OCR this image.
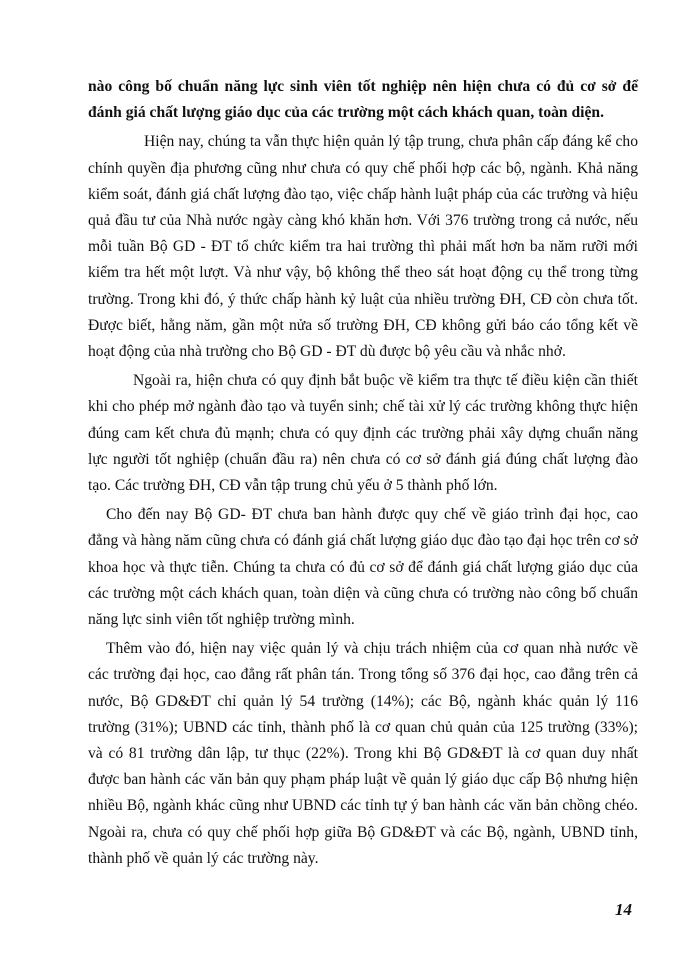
nào công bố chuẩn năng lực sinh viên tốt nghiệp nên hiện chưa có đủ cơ sở để đánh giá chất lượng giáo dục của các trường một cách khách quan, toàn diện.

Hiện nay, chúng ta vẫn thực hiện quản lý tập trung, chưa phân cấp đáng kể cho chính quyền địa phương cũng như chưa có quy chế phối hợp các bộ, ngành. Khả năng kiểm soát, đánh giá chất lượng đào tạo, việc chấp hành luật pháp của các trường và hiệu quả đầu tư của Nhà nước ngày càng khó khăn hơn. Với 376 trường trong cả nước, nếu mỗi tuần Bộ GD - ĐT tổ chức kiểm tra hai trường thì phải mất hơn ba năm rưỡi mới kiểm tra hết một lượt. Và như vậy, bộ không thể theo sát hoạt động cụ thể trong từng trường. Trong khi đó, ý thức chấp hành kỷ luật của nhiều trường ĐH, CĐ còn chưa tốt. Được biết, hằng năm, gần một nửa số trường ĐH, CĐ không gửi báo cáo tổng kết về hoạt động của nhà trường cho Bộ GD - ĐT dù được bộ yêu cầu và nhắc nhở.

Ngoài ra, hiện chưa có quy định bắt buộc về kiểm tra thực tế điều kiện cần thiết khi cho phép mở ngành đào tạo và tuyển sinh; chế tài xử lý các trường không thực hiện đúng cam kết chưa đủ mạnh; chưa có quy định các trường phải xây dựng chuẩn năng lực người tốt nghiệp (chuẩn đầu ra) nên chưa có cơ sở đánh giá đúng chất lượng đào tạo. Các trường ĐH, CĐ vẫn tập trung chủ yếu ở 5 thành phố lớn.

Cho đến nay Bộ GD- ĐT chưa ban hành được quy chế về giáo trình đại học, cao đẳng và hàng năm cũng chưa có đánh giá chất lượng giáo dục đào tạo đại học trên cơ sở khoa học và thực tiễn. Chúng ta chưa có đủ cơ sở để đánh giá chất lượng giáo dục của các trường một cách khách quan, toàn diện và cũng chưa có trường nào công bố chuẩn năng lực sinh viên tốt nghiệp trường mình.

Thêm vào đó, hiện nay việc quản lý và chịu trách nhiệm của cơ quan nhà nước về các trường đại học, cao đẳng rất phân tán. Trong tổng số 376 đại học, cao đẳng trên cả nước, Bộ GD&ĐT chỉ quản lý 54 trường (14%); các Bộ, ngành khác quản lý 116 trường (31%); UBND các tỉnh, thành phố là cơ quan chủ quản của 125 trường (33%); và có 81 trường dân lập, tư thục (22%). Trong khi Bộ GD&ĐT là cơ quan duy nhất được ban hành các văn bản quy phạm pháp luật về quản lý giáo dục cấp Bộ nhưng hiện nhiều Bộ, ngành khác cũng như UBND các tỉnh tự ý ban hành các văn bản chồng chéo. Ngoài ra, chưa có quy chế phối hợp giữa Bộ GD&ĐT và các Bộ, ngành, UBND tỉnh, thành phố về quản lý các trường này.

14
